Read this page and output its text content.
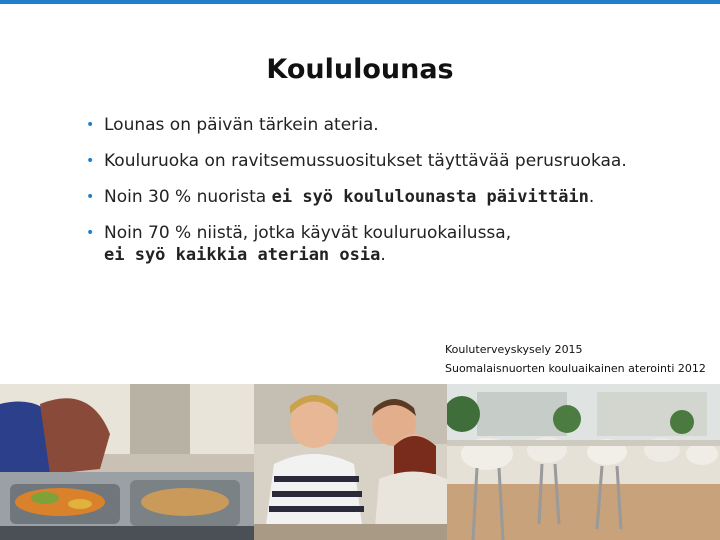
Koululounas
• Lounas on päivän tärkein ateria.
• Kouluruoka on ravitsemussuositukset täyttävää perusruokaa.
• Noin 30 % nuorista ei syö koululounasta päivittäin.
• Noin 70 % niistä, jotka käyvät kouluruokailussa,
ei syö kaikkia aterian osia.
Kouluterveyskysely 2015
Suomalaisnuorten kouluaikainen aterointi 2012
